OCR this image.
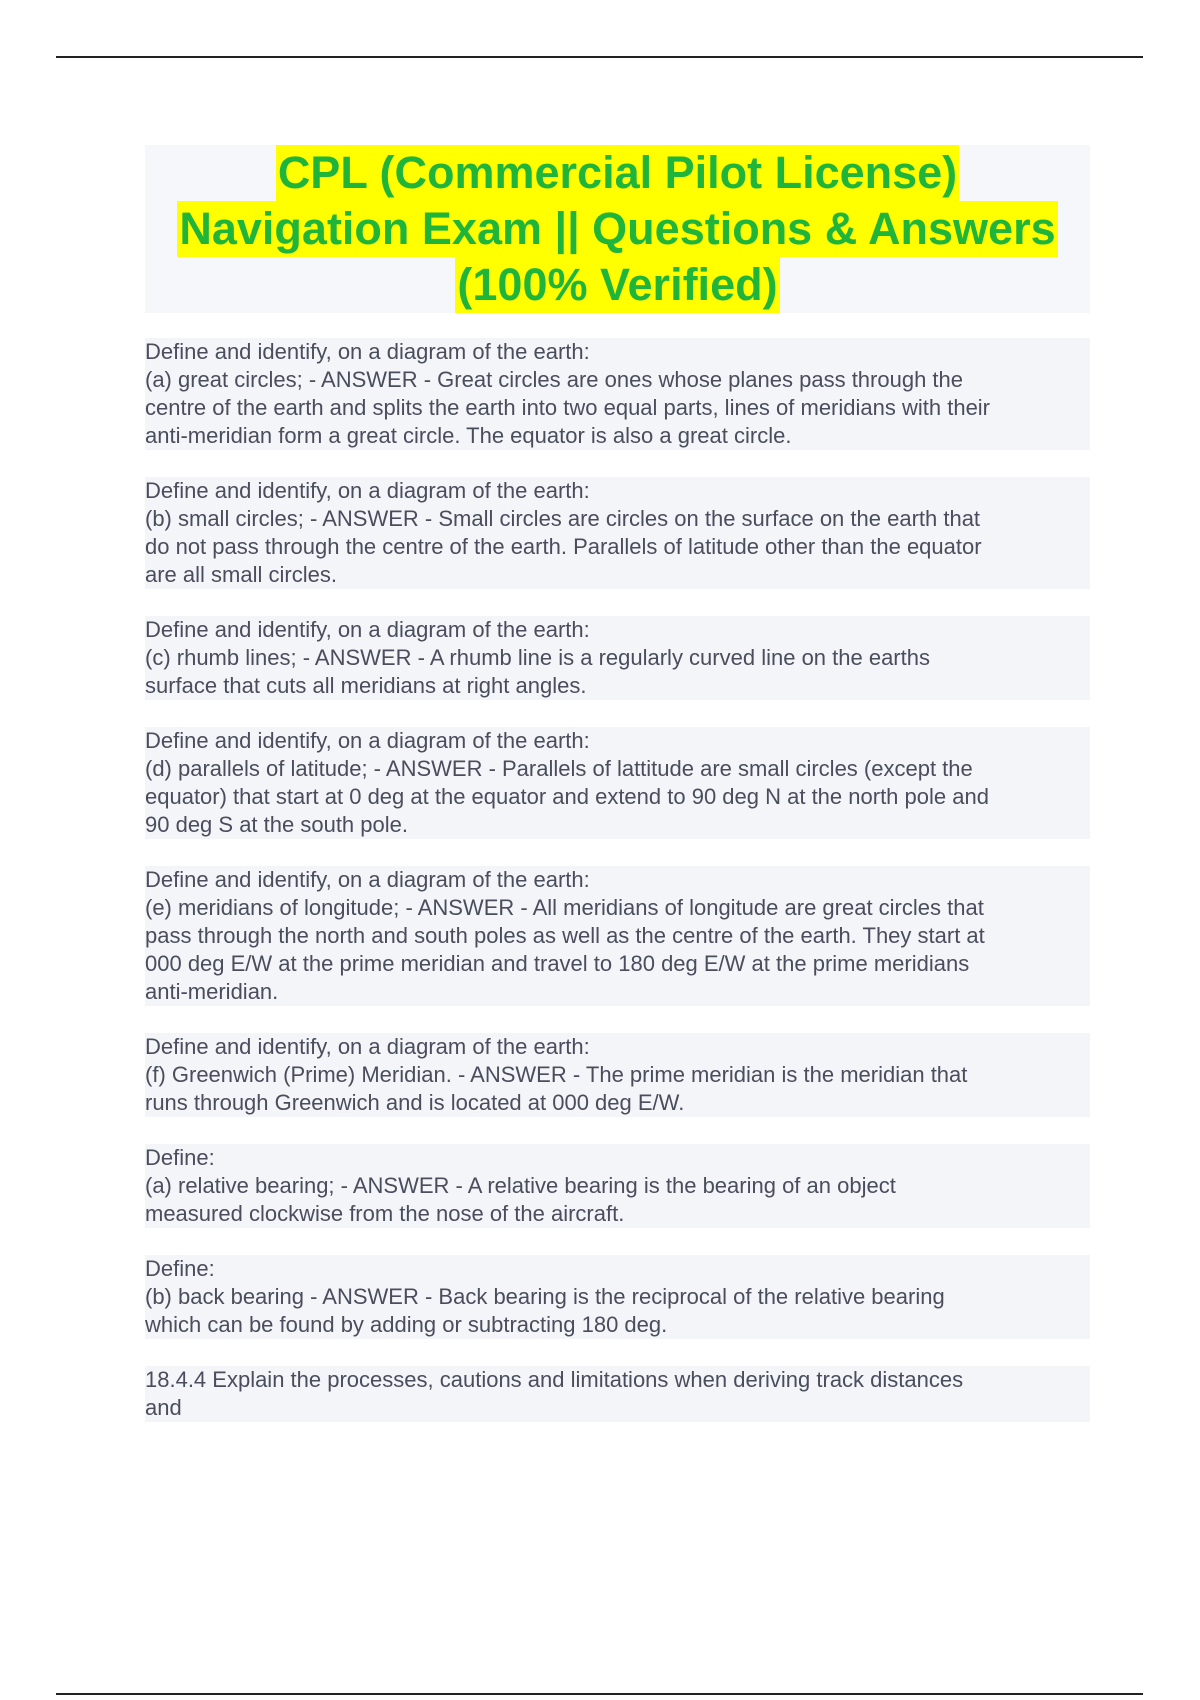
CPL (Commercial Pilot License)
Navigation Exam || Questions & Answers
(100% Verified)
Define and identify, on a diagram of the earth:
(a) great circles; - ANSWER - Great circles are ones whose planes pass through the
centre of the earth and splits the earth into two equal parts, lines of meridians with their
anti-meridian form a great circle. The equator is also a great circle.
Define and identify, on a diagram of the earth:
(b) small circles; - ANSWER - Small circles are circles on the surface on the earth that
do not pass through the centre of the earth. Parallels of latitude other than the equator
are all small circles.
Define and identify, on a diagram of the earth:
(c) rhumb lines; - ANSWER - A rhumb line is a regularly curved line on the earths
surface that cuts all meridians at right angles.
Define and identify, on a diagram of the earth:
(d) parallels of latitude; - ANSWER - Parallels of lattitude are small circles (except the
equator) that start at 0 deg at the equator and extend to 90 deg N at the north pole and
90 deg S at the south pole.
Define and identify, on a diagram of the earth:
(e) meridians of longitude; - ANSWER - All meridians of longitude are great circles that
pass through the north and south poles as well as the centre of the earth. They start at
000 deg E/W at the prime meridian and travel to 180 deg E/W at the prime meridians
anti-meridian.
Define and identify, on a diagram of the earth:
(f) Greenwich (Prime) Meridian. - ANSWER - The prime meridian is the meridian that
runs through Greenwich and is located at 000 deg E/W.
Define:
(a) relative bearing; - ANSWER - A relative bearing is the bearing of an object
measured clockwise from the nose of the aircraft.
Define:
(b) back bearing - ANSWER - Back bearing is the reciprocal of the relative bearing
which can be found by adding or subtracting 180 deg.
18.4.4 Explain the processes, cautions and limitations when deriving track distances
and
